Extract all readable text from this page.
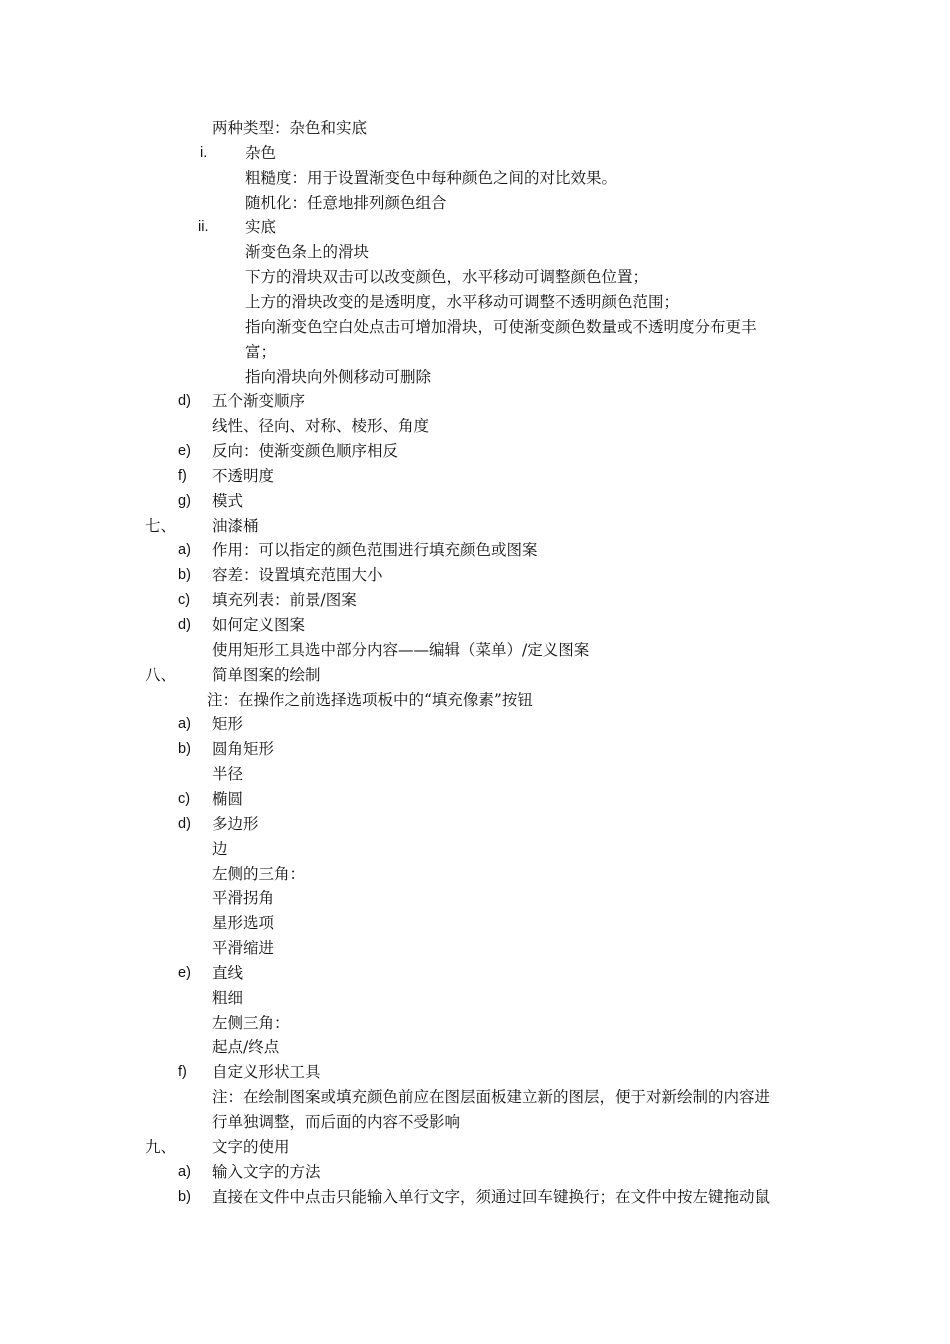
两种类型：杂色和实底
i. 杂色
粗糙度：用于设置渐变色中每种颜色之间的对比效果。
随机化：任意地排列颜色组合
ii. 实底
渐变色条上的滑块
下方的滑块双击可以改变颜色，水平移动可调整颜色位置；
上方的滑块改变的是透明度，水平移动可调整不透明颜色范围；
指向渐变色空白处点击可增加滑块，可使渐变颜色数量或不透明度分布更丰
富；
指向滑块向外侧移动可删除
d) 五个渐变顺序
线性、径向、对称、棱形、角度
e) 反向：使渐变颜色顺序相反
f) 不透明度
g) 模式
七、 油漆桶
a) 作用：可以指定的颜色范围进行填充颜色或图案
b) 容差：设置填充范围大小
c) 填充列表：前景/图案
d) 如何定义图案
使用矩形工具选中部分内容——编辑（菜单）/定义图案
八、 简单图案的绘制
注：在操作之前选择选项板中的“填充像素”按钮
a) 矩形
b) 圆角矩形
半径
c) 椭圆
d) 多边形
边
左侧的三角：
平滑拐角
星形选项
平滑缩进
e) 直线
粗细
左侧三角：
起点/终点
f) 自定义形状工具
注：在绘制图案或填充颜色前应在图层面板建立新的图层，便于对新绘制的内容进
行单独调整，而后面的内容不受影响
九、 文字的使用
a) 输入文字的方法
b) 直接在文件中点击只能输入单行文字，须通过回车键换行；在文件中按左键拖动鼠
